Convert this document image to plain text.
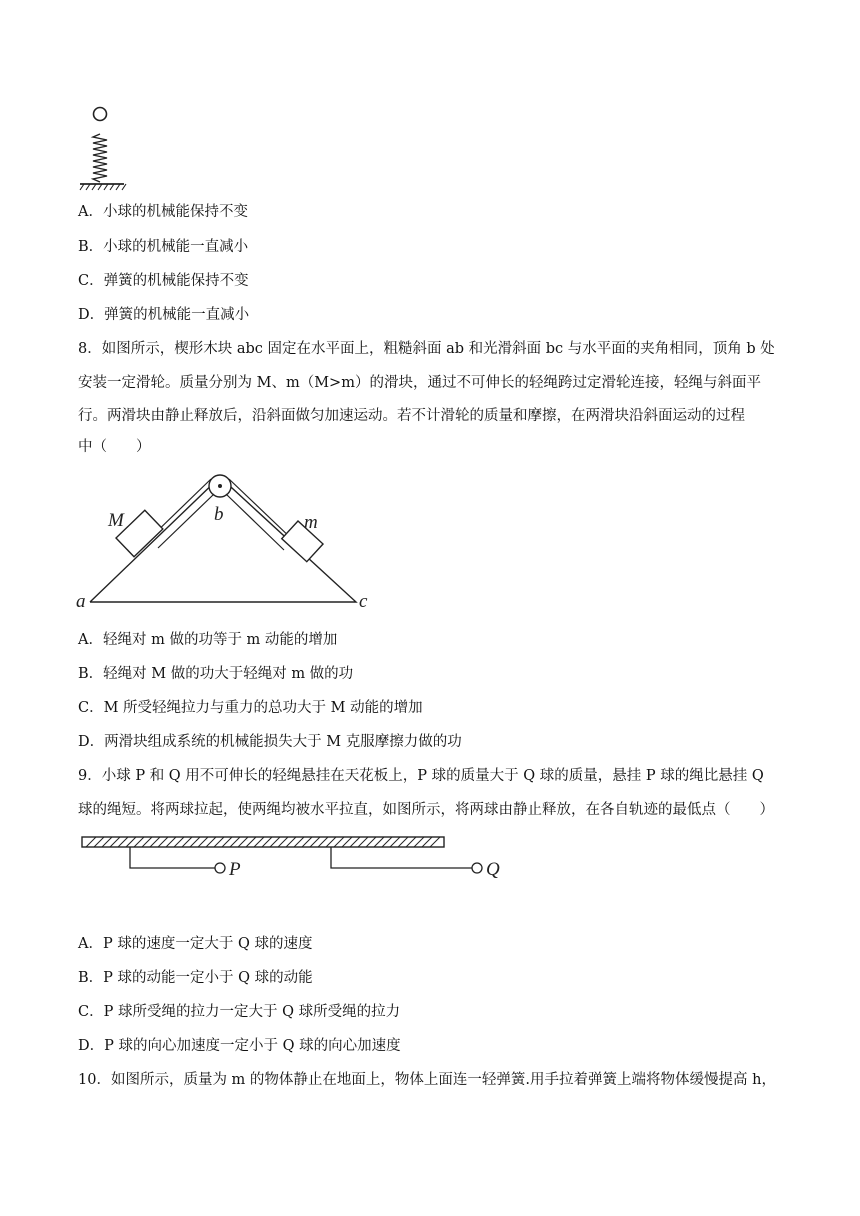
A．小球的机械能保持不变
B．小球的机械能一直减小
C．弹簧的机械能保持不变
D．弹簧的机械能一直减小
8．如图所示，楔形木块 abc 固定在水平面上，粗糙斜面 ab 和光滑斜面 bc 与水平面的夹角相同，顶角 b 处
安装一定滑轮。质量分别为 M、m（M>m）的滑块，通过不可伸长的轻绳跨过定滑轮连接，轻绳与斜面平
行。两滑块由静止释放后，沿斜面做匀加速运动。若不计滑轮的质量和摩擦，在两滑块沿斜面运动的过程
中（　　）
M	b	m
a	c
A．轻绳对 m 做的功等于 m 动能的增加
B．轻绳对 M 做的功大于轻绳对 m 做的功
C．M 所受轻绳拉力与重力的总功大于 M 动能的增加
D．两滑块组成系统的机械能损失大于 M 克服摩擦力做的功
9．小球 P 和 Q 用不可伸长的轻绳悬挂在天花板上，P 球的质量大于 Q 球的质量，悬挂 P 球的绳比悬挂 Q
球的绳短。将两球拉起，使两绳均被水平拉直，如图所示，将两球由静止释放，在各自轨迹的最低点（　　）
P	Q
A．P 球的速度一定大于 Q 球的速度
B．P 球的动能一定小于 Q 球的动能
C．P 球所受绳的拉力一定大于 Q 球所受绳的拉力
D．P 球的向心加速度一定小于 Q 球的向心加速度
10．如图所示，质量为 m 的物体静止在地面上，物体上面连一轻弹簧.用手拉着弹簧上端将物体缓慢提高 h，
